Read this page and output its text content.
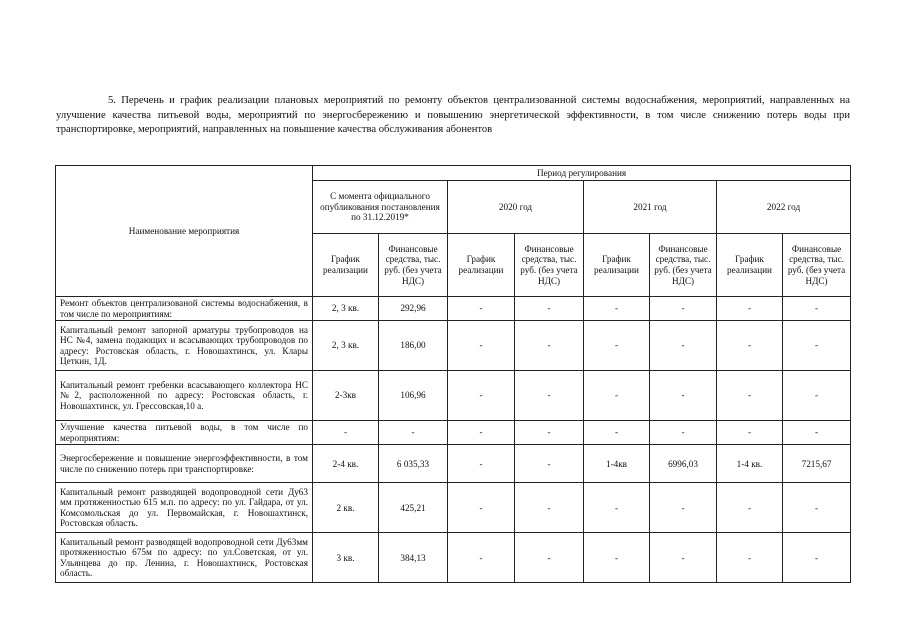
5. Перечень и график реализации плановых мероприятий по ремонту объектов централизованной системы водоснабжения, мероприятий, направленных на улучшение качества питьевой воды, мероприятий по энергосбережению и повышению энергетической эффективности, в том числе снижению потерь воды при транспортировке, мероприятий, направленных на повышение качества обслуживания абонентов
Наименование мероприятия	Период регулирования							
	С момента официального опубликования постановления по 31.12.2019*		2020 год		2021 год		2022 год	
	График реализации	Финансовые средства, тыс. руб. (без учета НДС)	График реализации	Финансовые средства, тыс. руб. (без учета НДС)	График реализации	Финансовые средства, тыс. руб. (без учета НДС)	График реализации	Финансовые средства, тыс. руб. (без учета НДС)
Ремонт объектов централизованой системы водоснабжения, в том числе по мероприятиям:	2, 3 кв.	292,96	-	-	-	-	-	-
Капитальный ремонт запорной арматуры трубопроводов на НС №4, замена подающих и всасывающих трубопроводов по адресу: Ростовская область, г. Новошахтинск, ул. Клары Цеткин, 1Д.	2, 3 кв.	186,00	-	-	-	-	-	-
Капитальный ремонт гребенки всасывающего коллектора НС №2, расположенной по адресу: Ростовская область, г. Новошахтинск, ул. Грессовская,10 а.	2-3кв	106,96	-	-	-	-	-	-
Улучшение качества питьевой воды, в том числе по мероприятиям:	-	-	-	-	-	-	-	-
Энергосбережение и повышение энергоэффективности, в том числе по снижению потерь при транспортировке:	2-4 кв.	6 035,33	-	-	1-4кв	6996,03	1-4 кв.	7215,67
Капитальный ремонт разводящей водопроводной сети Ду63 мм протяженностью 615 м.п. по адресу: по ул. Гайдара, от ул. Комсомольская до ул. Первомайская, г. Новошахтинск, Ростовская область.	2 кв.	425,21	-	-	-	-	-	-
Капитальный ремонт разводящей водопроводной сети Ду63мм протяженностью 675м по адресу: по ул.Советская, от ул. Ульянцева до пр. Ленина, г. Новошахтинск, Ростовская область.	3 кв.	384,13	-	-	-	-	-	-
